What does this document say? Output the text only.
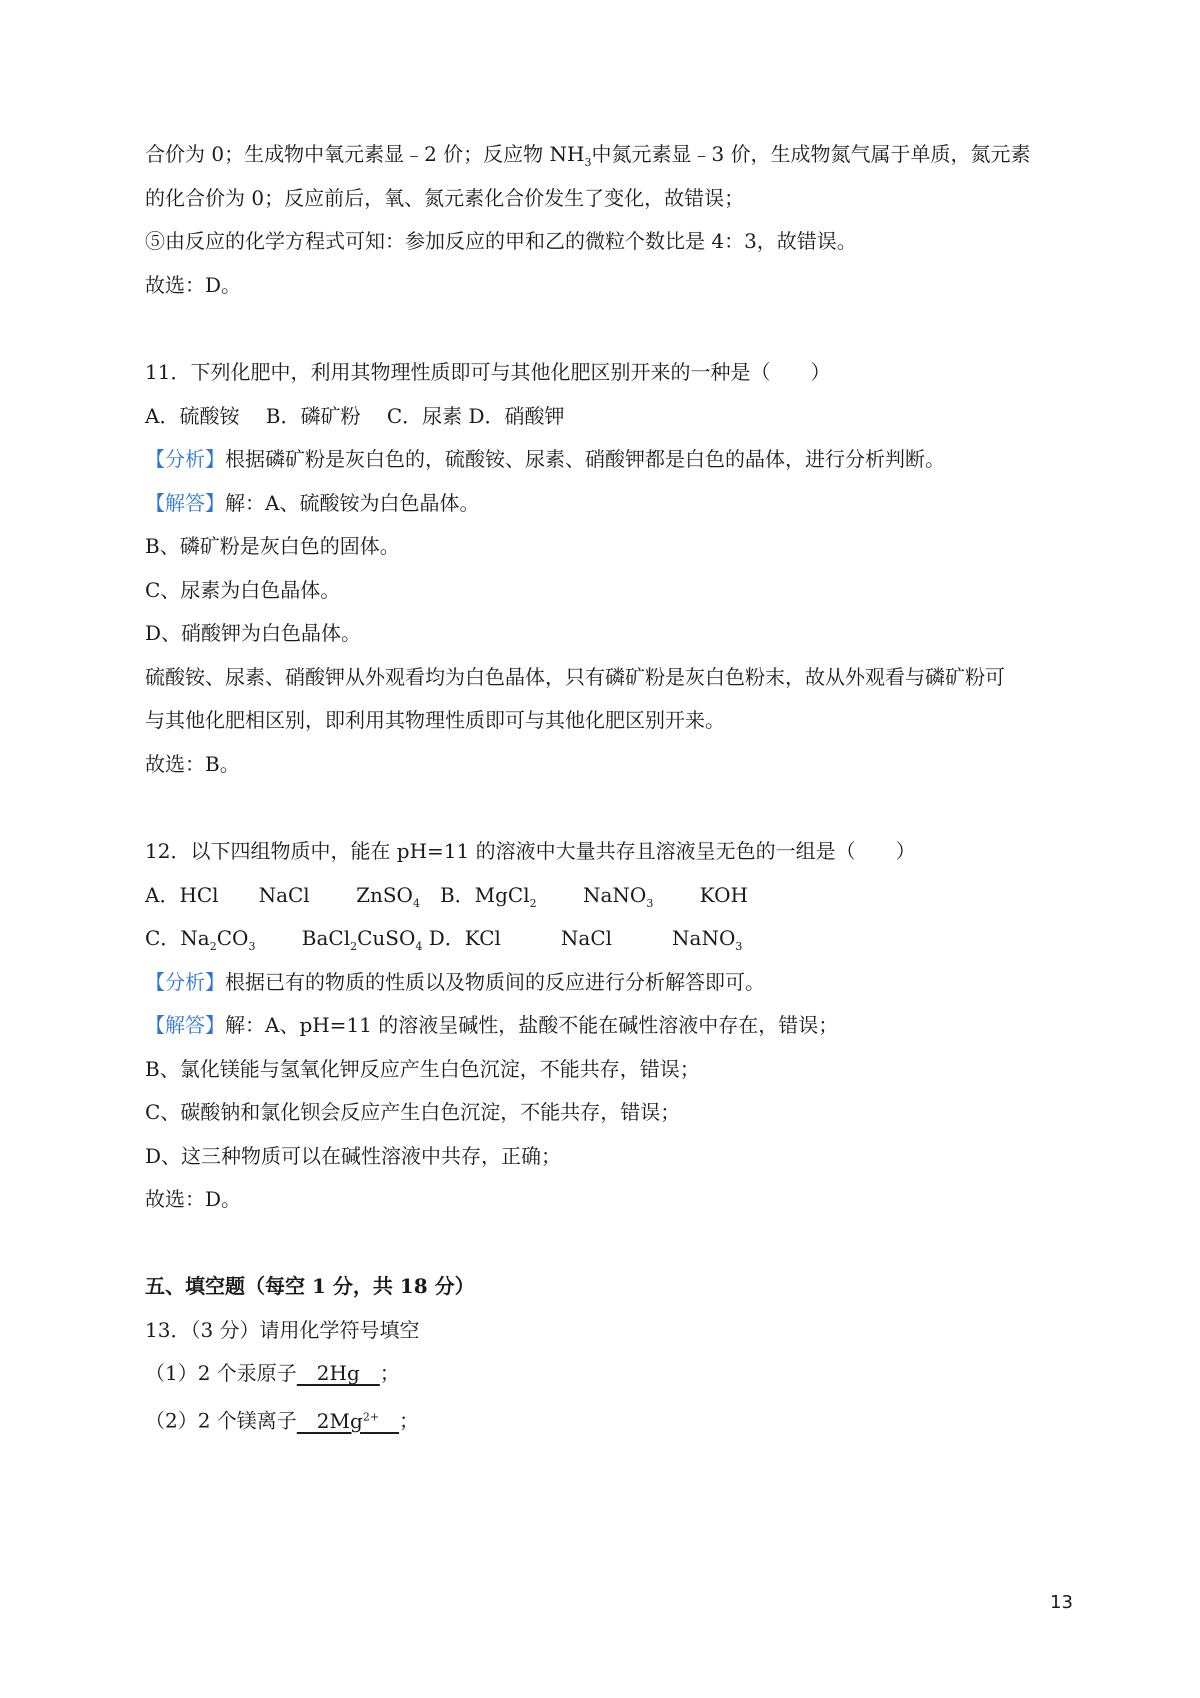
合价为 0；生成物中氧元素显﹣2 价；反应物 $NH_3$中氮元素显﹣3 价，生成物氮气属于单质，氮元素
的化合价为 0；反应前后，氧、氮元素化合价发生了变化，故错误；
⑤由反应的化学方程式可知：参加反应的甲和乙的微粒个数比是 4：3，故错误。
故选：D。
11．下列化肥中，利用其物理性质即可与其他化肥区别开来的一种是（　　）
A．硫酸铵　 B．磷矿粉　 C．尿素 D．硝酸钾
【分析】根据磷矿粉是灰白色的，硫酸铵、尿素、硝酸钾都是白色的晶体，进行分析判断。
【解答】解：A、硫酸铵为白色晶体。
B、磷矿粉是灰白色的固体。
C、尿素为白色晶体。
D、硝酸钾为白色晶体。
硫酸铵、尿素、硝酸钾从外观看均为白色晶体，只有磷矿粉是灰白色粉末，故从外观看与磷矿粉可
与其他化肥相区别，即利用其物理性质即可与其他化肥区别开来。
故选：B。
12．以下四组物质中，能在 pH=11 的溶液中大量共存且溶液呈无色的一组是（　　）
A．HCl　　NaCl　　 ZnSO$_4$　B．MgCl$_2$　　 NaNO$_3$　　 KOH
C．$Na_2CO_3$　　 BaCl$_2$CuSO$_4$ D．KCl　　　NaCl　　　NaNO$_3$
【分析】根据已有的物质的性质以及物质间的反应进行分析解答即可。
【解答】解：A、pH=11 的溶液呈碱性，盐酸不能在碱性溶液中存在，错误；
B、氯化镁能与氢氧化钾反应产生白色沉淀，不能共存，错误；
C、碳酸钠和氯化钡会反应产生白色沉淀，不能共存，错误；
D、这三种物质可以在碱性溶液中共存，正确；
故选：D。
五、填空题（每空 1 分，共 18 分）
13．（3 分）请用化学符号填空
（1）2 个汞原子　2Hg　；
（2）2 个镁离子　$2Mg^{2+}$　 ；
13
